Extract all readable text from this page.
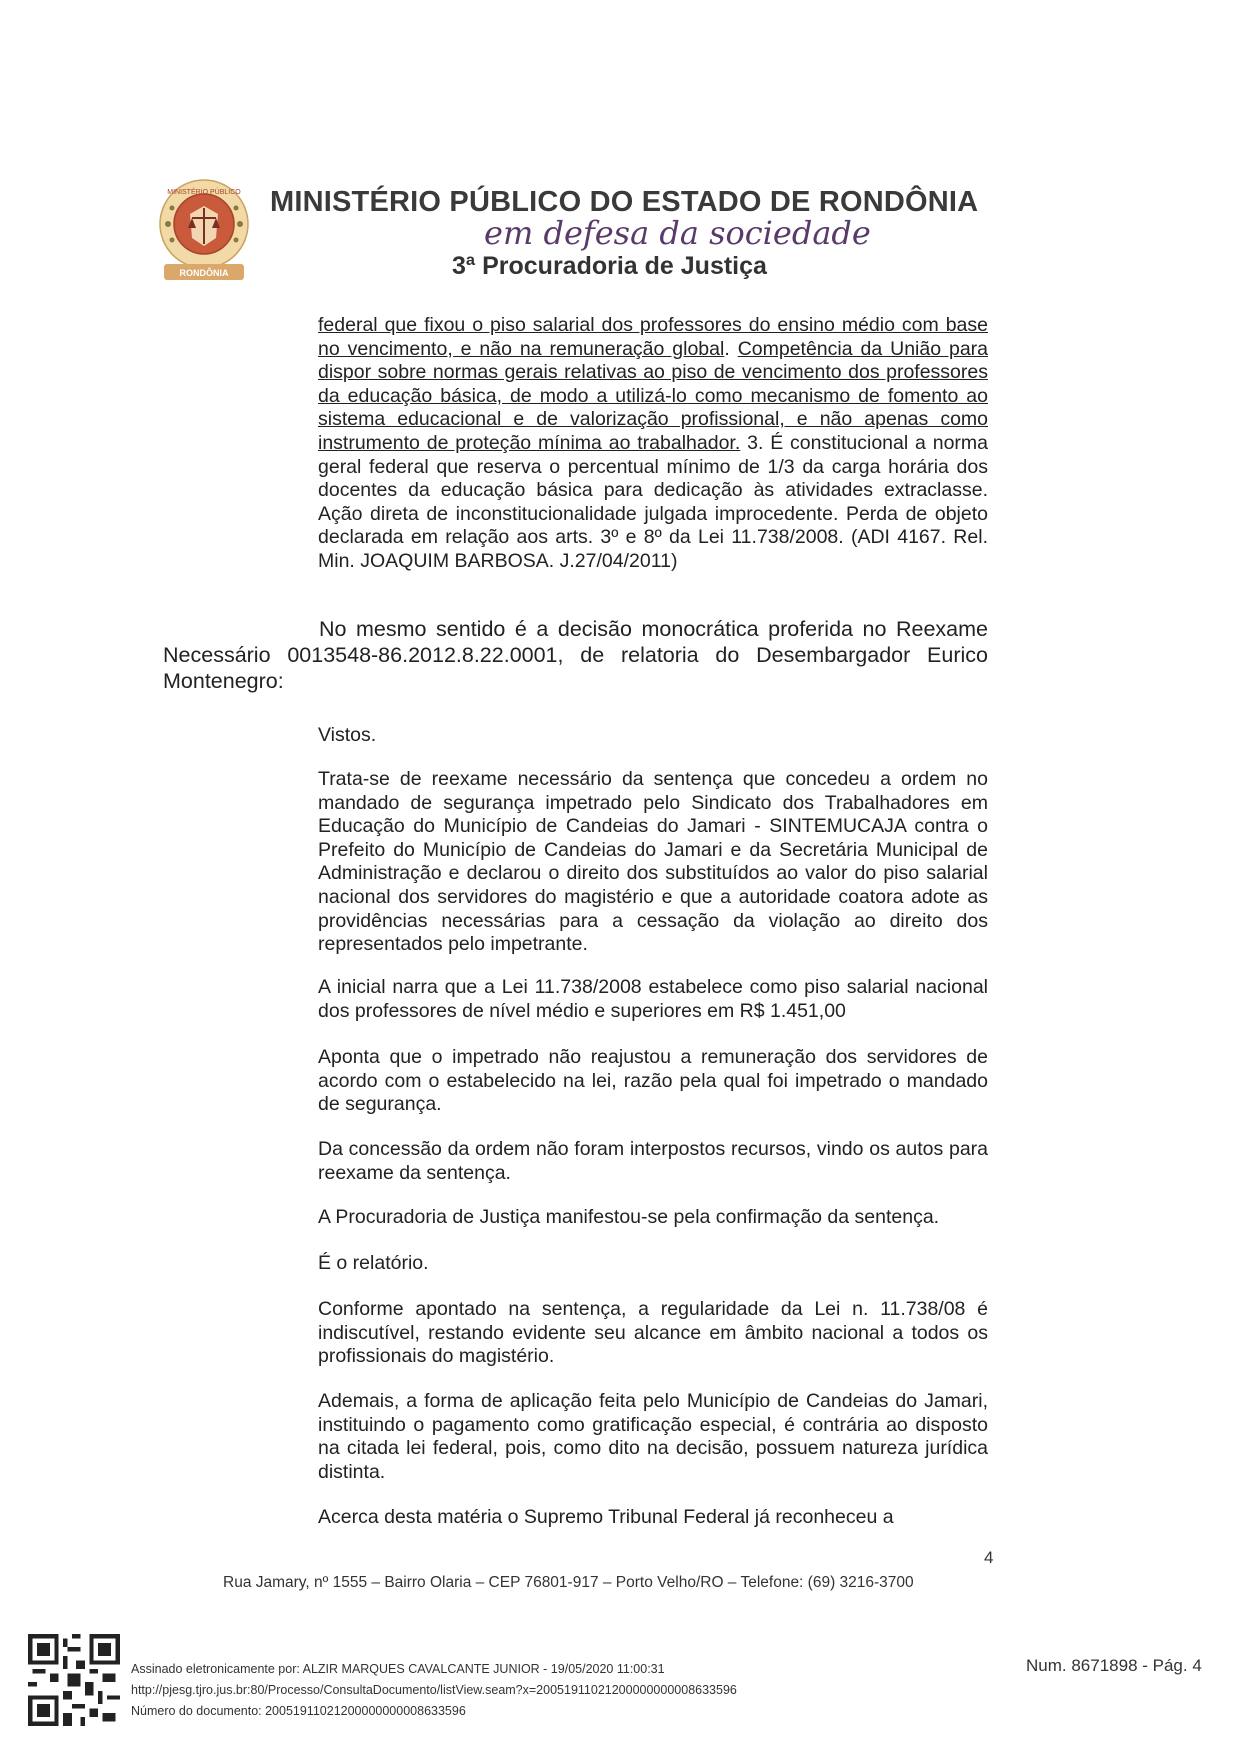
MINISTÉRIO PÚBLICO
RONDÔNIA
MINISTÉRIO PÚBLICO DO ESTADO DE RONDÔNIA
em defesa da sociedade
3ª Procuradoria de Justiça
federal que fixou o piso salarial dos professores do ensino médio com base no vencimento, e não na remuneração global. Competência da União para dispor sobre normas gerais relativas ao piso de vencimento dos professores da educação básica, de modo a utilizá-lo como mecanismo de fomento ao sistema educacional e de valorização profissional, e não apenas como instrumento de proteção mínima ao trabalhador. 3. É constitucional a norma geral federal que reserva o percentual mínimo de 1/3 da carga horária dos docentes da educação básica para dedicação às atividades extraclasse. Ação direta de inconstitucionalidade julgada improcedente. Perda de objeto declarada em relação aos arts. 3º e 8º da Lei 11.738/2008. (ADI 4167. Rel. Min. JOAQUIM BARBOSA. J.27/04/2011)
No mesmo sentido é a decisão monocrática proferida no Reexame Necessário 0013548-86.2012.8.22.0001, de relatoria do Desembargador Eurico Montenegro:
Vistos.
Trata-se de reexame necessário da sentença que concedeu a ordem no mandado de segurança impetrado pelo Sindicato dos Trabalhadores em Educação do Município de Candeias do Jamari - SINTEMUCAJA contra o Prefeito do Município de Candeias do Jamari e da Secretária Municipal de Administração e declarou o direito dos substituídos ao valor do piso salarial nacional dos servidores do magistério e que a autoridade coatora adote as providências necessárias para a cessação da violação ao direito dos representados pelo impetrante.
A inicial narra que a Lei 11.738/2008 estabelece como piso salarial nacional dos professores de nível médio e superiores em R$ 1.451,00
Aponta que o impetrado não reajustou a remuneração dos servidores de acordo com o estabelecido na lei, razão pela qual foi impetrado o mandado de segurança.
Da concessão da ordem não foram interpostos recursos, vindo os autos para reexame da sentença.
A Procuradoria de Justiça manifestou-se pela confirmação da sentença.
É o relatório.
Conforme apontado na sentença, a regularidade da Lei n. 11.738/08 é indiscutível, restando evidente seu alcance em âmbito nacional a todos os profissionais do magistério.
Ademais, a forma de aplicação feita pelo Município de Candeias do Jamari, instituindo o pagamento como gratificação especial, é contrária ao disposto na citada lei federal, pois, como dito na decisão, possuem natureza jurídica distinta.
Acerca desta matéria o Supremo Tribunal Federal já reconheceu a
4
Rua Jamary, nº 1555 – Bairro Olaria – CEP 76801-917 – Porto Velho/RO – Telefone: (69) 3216-3700
Assinado eletronicamente por: ALZIR MARQUES CAVALCANTE JUNIOR - 19/05/2020 11:00:31
http://pjesg.tjro.jus.br:80/Processo/ConsultaDocumento/listView.seam?x=20051911021200000000008633596
Número do documento: 20051911021200000000008633596
Num. 8671898 - Pág. 4
